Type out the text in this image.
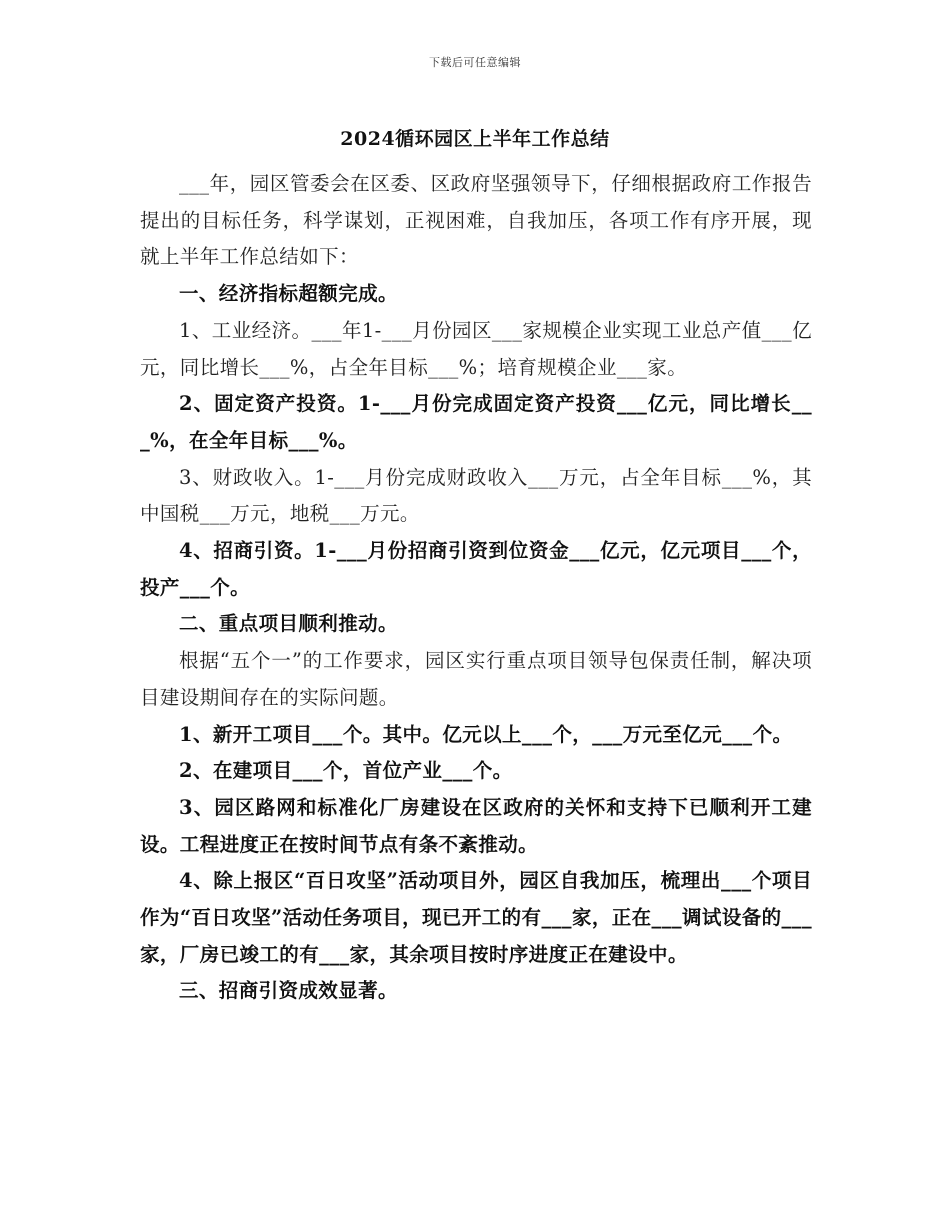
下载后可任意编辑
2024循环园区上半年工作总结

___年，园区管委会在区委、区政府坚强领导下，仔细根据政府工作报告提出的目标任务，科学谋划，正视困难，自我加压，各项工作有序开展，现就上半年工作总结如下：

一、经济指标超额完成。

1、工业经济。___年1-___月份园区___家规模企业实现工业总产值___亿元，同比增长___%，占全年目标___%；培育规模企业___家。

2、固定资产投资。1-___月份完成固定资产投资___亿元，同比增长___%，在全年目标___%。

3、财政收入。1-___月份完成财政收入___万元，占全年目标___%，其中国税___万元，地税___万元。

4、招商引资。1-___月份招商引资到位资金___亿元，亿元项目___个，投产___个。

二、重点项目顺利推动。

根据“五个一”的工作要求，园区实行重点项目领导包保责任制，解决项目建设期间存在的实际问题。

1、新开工项目___个。其中。亿元以上___个，___万元至亿元___个。

2、在建项目___个，首位产业___个。

3、园区路网和标准化厂房建设在区政府的关怀和支持下已顺利开工建设。工程进度正在按时间节点有条不紊推动。

4、除上报区“百日攻坚”活动项目外，园区自我加压，梳理出___个项目作为“百日攻坚”活动任务项目，现已开工的有___家，正在___调试设备的___家，厂房已竣工的有___家，其余项目按时序进度正在建设中。

三、招商引资成效显著。
